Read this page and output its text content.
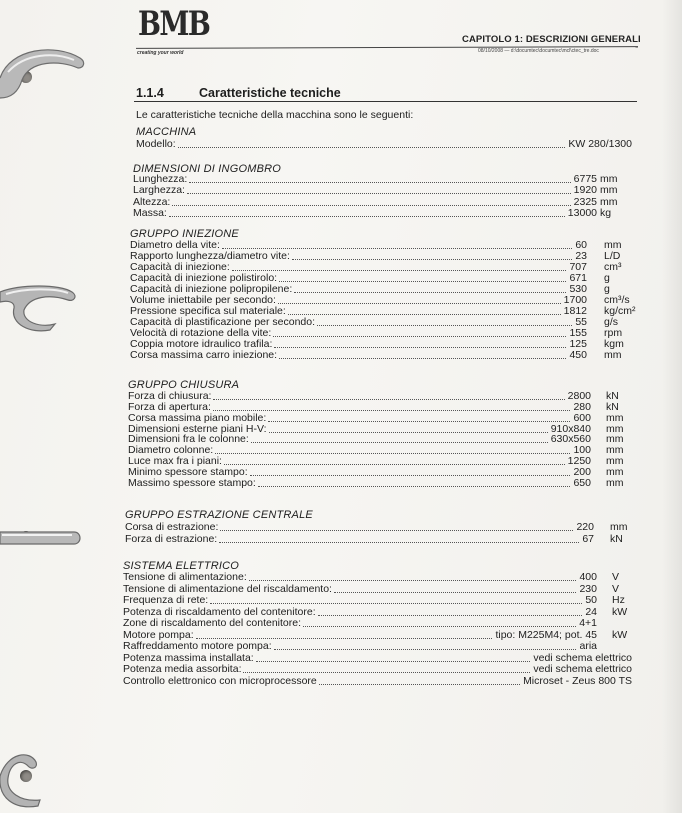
BMB
creating your world
CAPITOLO 1: DESCRIZIONI GENERALI
08/10/2008 — d:\documtec\documtec\mcl\ctec_tre.doc
1.1.4	Caratteristiche tecniche
Le caratteristiche tecniche della macchina sono le seguenti:
MACCHINA
Modello:	KW 280/1300
DIMENSIONI DI INGOMBRO
Lunghezza:	6775 mm
Larghezza:	1920 mm
Altezza:	2325 mm
Massa:	13000 kg
GRUPPO INIEZIONE
Diametro della vite:	60 mm
Rapporto lunghezza/diametro vite:	23 L/D
Capacità di iniezione:	707 cm³
Capacità di iniezione polistirolo:	671 g
Capacità di iniezione polipropilene:	530 g
Volume iniettabile per secondo:	1700 cm³/s
Pressione specifica sul materiale:	1812 kg/cm²
Capacità di plastificazione per secondo:	55 g/s
Velocità di rotazione della vite:	155 rpm
Coppia motore idraulico trafila:	125 kgm
Corsa massima carro iniezione:	450 mm
GRUPPO CHIUSURA
Forza di chiusura:	2800 kN
Forza di apertura:	280 kN
Corsa massima piano mobile:	600 mm
Dimensioni esterne piani H-V:	910x840 mm
Dimensioni fra le colonne:	630x560 mm
Diametro colonne:	100 mm
Luce max fra i piani:	1250 mm
Minimo spessore stampo:	200 mm
Massimo spessore stampo:	650 mm
GRUPPO ESTRAZIONE CENTRALE
Corsa di estrazione:	220 mm
Forza di estrazione:	67 kN
SISTEMA ELETTRICO
Tensione di alimentazione:	400 V
Tensione di alimentazione del riscaldamento:	230 V
Frequenza di rete:	50 Hz
Potenza di riscaldamento del contenitore:	24 kW
Zone di riscaldamento del contenitore:	4+1
Motore pompa:	tipo: M225M4; pot. 45 kW
Raffreddamento motore pompa:	aria
Potenza massima installata:	vedi schema elettrico
Potenza media assorbita:	vedi schema elettrico
Controllo elettronico con microprocessore	Microset - Zeus 800 TS
